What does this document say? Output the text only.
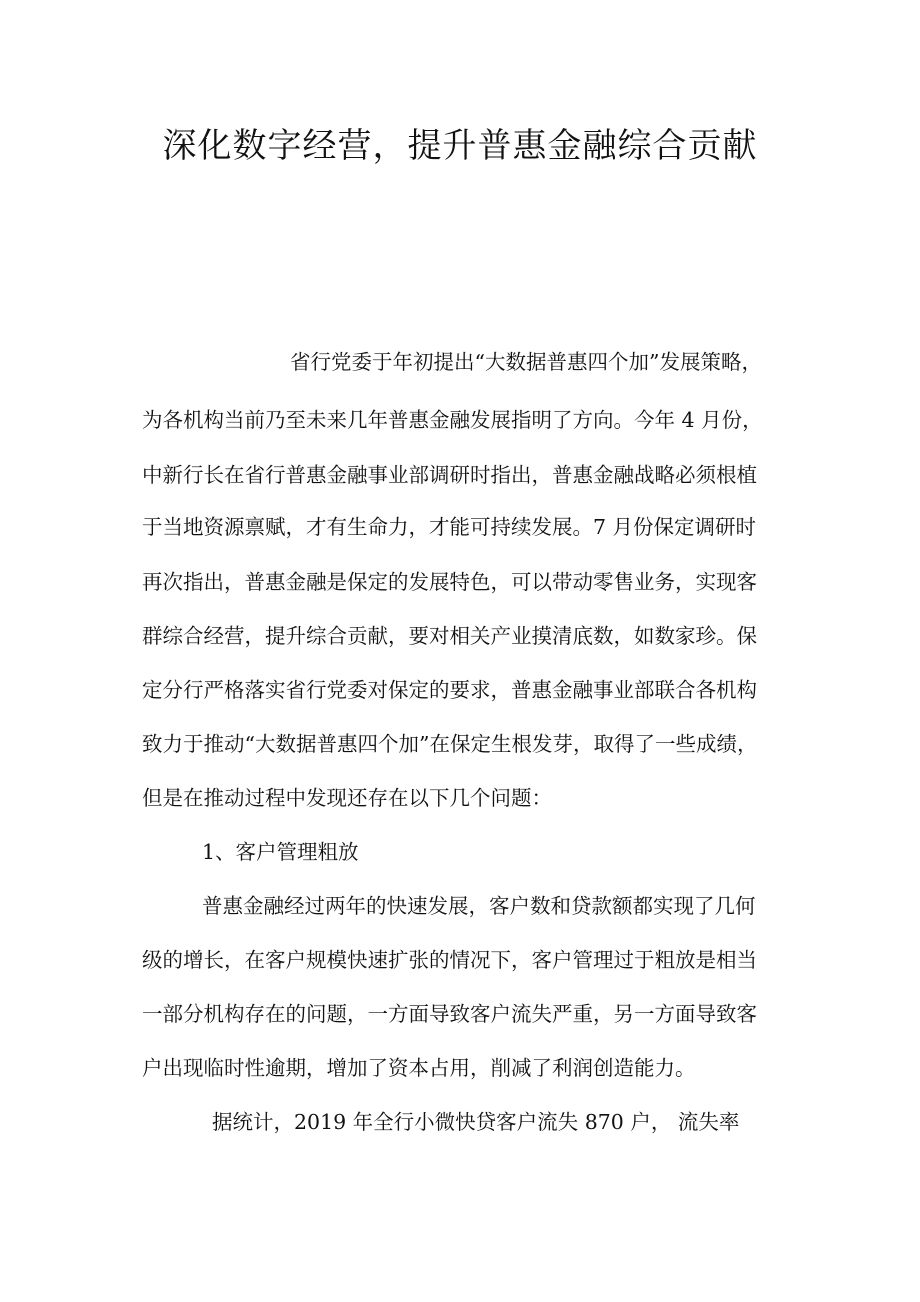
深化数字经营，提升普惠金融综合贡献
省行党委于年初提出“大数据普惠四个加”发展策略，
为各机构当前乃至未来几年普惠金融发展指明了方向。今年 4 月份，
中新行长在省行普惠金融事业部调研时指出，普惠金融战略必须根植
于当地资源禀赋，才有生命力，才能可持续发展。7 月份保定调研时
再次指出，普惠金融是保定的发展特色，可以带动零售业务，实现客
群综合经营，提升综合贡献，要对相关产业摸清底数，如数家珍。保
定分行严格落实省行党委对保定的要求，普惠金融事业部联合各机构
致力于推动“大数据普惠四个加”在保定生根发芽，取得了一些成绩，
但是在推动过程中发现还存在以下几个问题：
1、客户管理粗放
普惠金融经过两年的快速发展，客户数和贷款额都实现了几何
级的增长，在客户规模快速扩张的情况下，客户管理过于粗放是相当
一部分机构存在的问题，一方面导致客户流失严重，另一方面导致客
户出现临时性逾期，增加了资本占用，削减了利润创造能力。
据统计，2019 年全行小微快贷客户流失 870 户， 流失率
